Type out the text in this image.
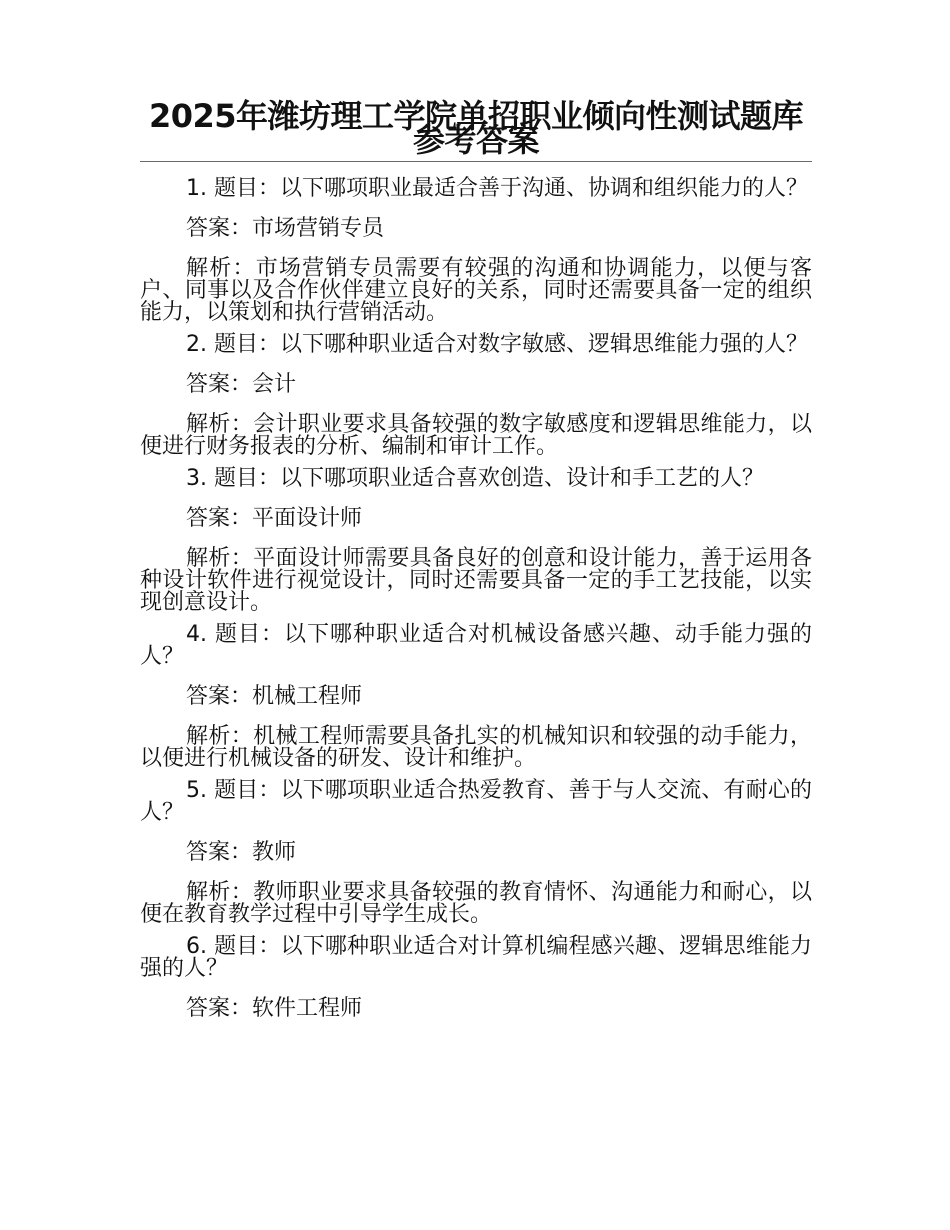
2025年潍坊理工学院单招职业倾向性测试题库参考答案

1. 题目：以下哪项职业最适合善于沟通、协调和组织能力的人？

答案：市场营销专员

解析：市场营销专员需要有较强的沟通和协调能力，以便与客户、同事以及合作伙伴建立良好的关系，同时还需要具备一定的组织能力，以策划和执行营销活动。

2. 题目：以下哪种职业适合对数字敏感、逻辑思维能力强的人？

答案：会计

解析：会计职业要求具备较强的数字敏感度和逻辑思维能力，以便进行财务报表的分析、编制和审计工作。

3. 题目：以下哪项职业适合喜欢创造、设计和手工艺的人？

答案：平面设计师

解析：平面设计师需要具备良好的创意和设计能力，善于运用各种设计软件进行视觉设计，同时还需要具备一定的手工艺技能，以实现创意设计。

4. 题目：以下哪种职业适合对机械设备感兴趣、动手能力强的人？

答案：机械工程师

解析：机械工程师需要具备扎实的机械知识和较强的动手能力，以便进行机械设备的研发、设计和维护。

5. 题目：以下哪项职业适合热爱教育、善于与人交流、有耐心的人？

答案：教师

解析：教师职业要求具备较强的教育情怀、沟通能力和耐心，以便在教育教学过程中引导学生成长。

6. 题目：以下哪种职业适合对计算机编程感兴趣、逻辑思维能力强的人？

答案：软件工程师
